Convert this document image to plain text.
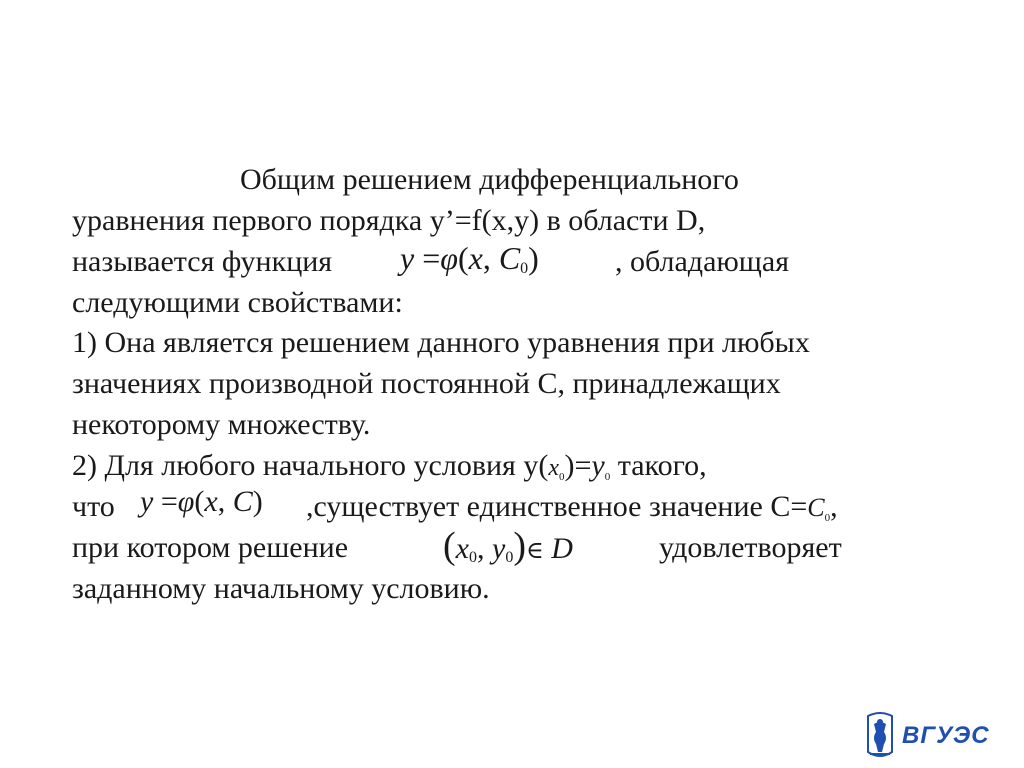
Общим решением дифференциального
уравнения первого порядка y’=f(x,y) в области D,
называется функция y =φ(x, $C_0$)	, обладающая
следующими свойствами:
1) Она является решением данного уравнения при любых
значениях производной постоянной С, принадлежащих
некоторому множеству.
2) Для любого начального условия $y(x_0)=y0$ такого,
что y =φ(x, C) ,существует единственное значение С=C0,
при котором решение ($x_0$, $y_0)\in$ D	удовлетворяет
заданному начальному условию.
ВГУЭС
